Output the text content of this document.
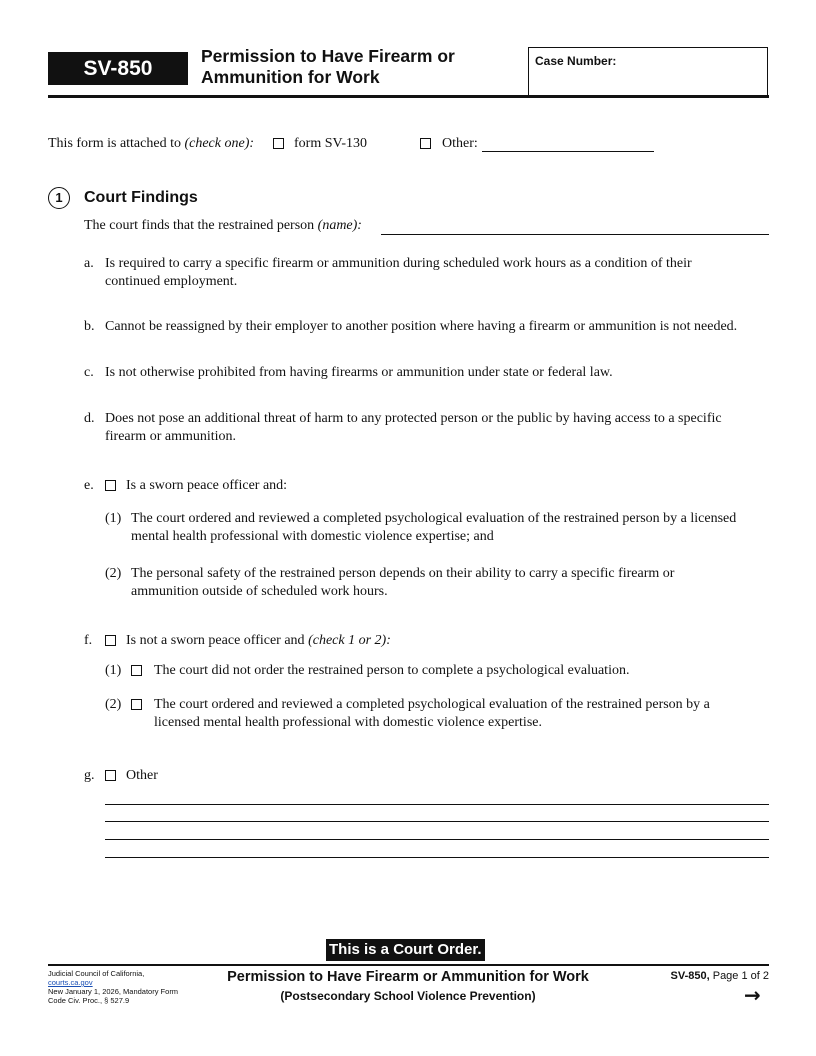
SV-850
Permission to Have Firearm or
Ammunition for Work
Case Number:
This form is attached to (check one):	form SV-130	Other:
1	Court Findings
The court finds that the restrained person (name):
a. Is required to carry a specific firearm or ammunition during scheduled work hours as a condition of their
continued employment.
b. Cannot be reassigned by their employer to another position where having a firearm or ammunition is not needed.
c. Is not otherwise prohibited from having firearms or ammunition under state or federal law.
d. Does not pose an additional threat of harm to any protected person or the public by having access to a specific
firearm or ammunition.
e. Is a sworn peace officer and:
(1) The court ordered and reviewed a completed psychological evaluation of the restrained person by a licensed
mental health professional with domestic violence expertise; and
(2) The personal safety of the restrained person depends on their ability to carry a specific firearm or
ammunition outside of scheduled work hours.
f. Is not a sworn peace officer and (check 1 or 2):
(1) The court did not order the restrained person to complete a psychological evaluation.
(2) The court ordered and reviewed a completed psychological evaluation of the restrained person by a
licensed mental health professional with domestic violence expertise.
g. Other
This is a Court Order.
Judicial Council of California,
courts.ca.gov
New January 1, 2026, Mandatory Form
Code Civ. Proc., § 527.9
Permission to Have Firearm or Ammunition for Work
(Postsecondary School Violence Prevention)
SV-850, Page 1 of 2
→
